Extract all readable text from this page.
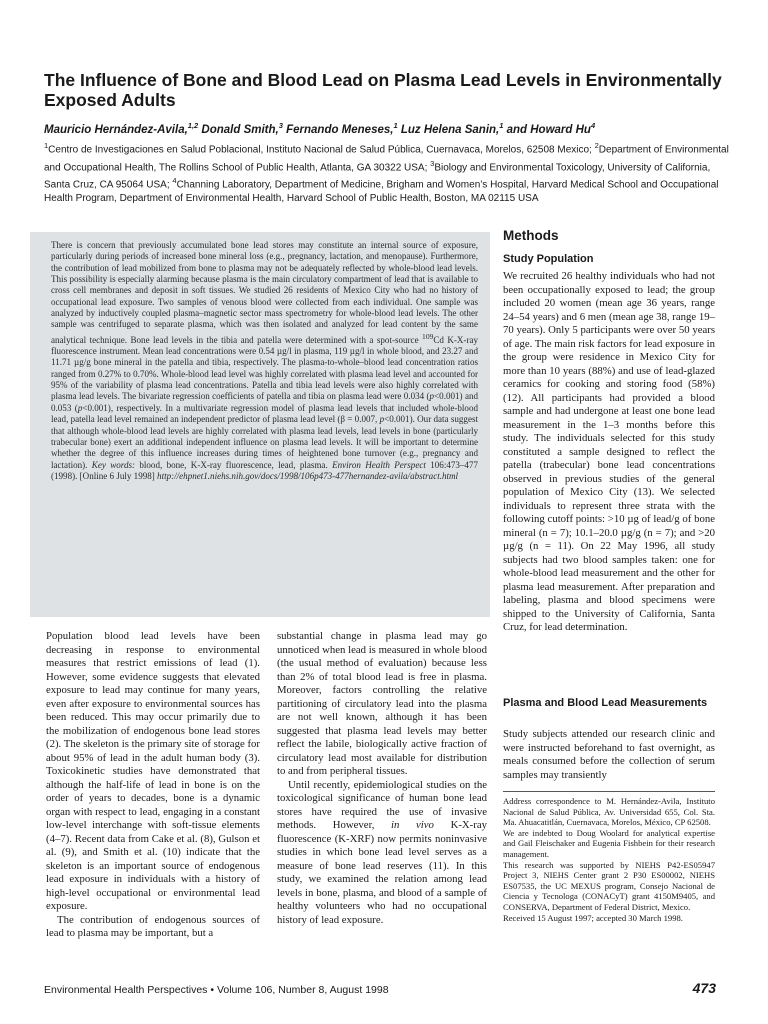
The Influence of Bone and Blood Lead on Plasma Lead Levels in Environmentally Exposed Adults
Mauricio Hernández-Avila,$^{1,2}$ Donald Smith,$^3$ Fernando Meneses,$^1$ Luz Helena Sanin,$^1$ and Howard Hu$^4$
$^1$Centro de Investigaciones en Salud Poblacional, Instituto Nacional de Salud Pública, Cuernavaca, Morelos, 62508 Mexico; $^2$Department of Environmental and Occupational Health, The Rollins School of Public Health, Atlanta, GA 30322 USA; $^3$Biology and Environmental Toxicology, University of California, Santa Cruz, CA 95064 USA; $^4$Channing Laboratory, Department of Medicine, Brigham and Women’s Hospital, Harvard Medical School and Occupational Health Program, Department of Environmental Health, Harvard School of Public Health, Boston, MA 02115 USA

There is concern that previously accumulated bone lead stores may constitute an internal source of exposure, particularly during periods of increased bone mineral loss (e.g., pregnancy, lactation, and menopause). Furthermore, the contribution of lead mobilized from bone to plasma may not be adequately reflected by whole-blood lead levels. This possibility is especially alarming because plasma is the main circulatory compartment of lead that is available to cross cell membranes and deposit in soft tissues. We studied 26 residents of Mexico City who had no history of occupational lead exposure. Two samples of venous blood were collected from each individual. One sample was analyzed by inductively coupled plasma–magnetic sector mass spectrometry for whole-blood lead levels. The other sample was centrifuged to separate plasma, which was then isolated and analyzed for lead content by the same analytical technique. Bone lead levels in the tibia and patella were determined with a spot-source $^{109}$Cd K-X-ray fluorescence instrument. Mean lead concentrations were 0.54 µg/l in plasma, 119 µg/l in whole blood, and 23.27 and 11.71 µg/g bone mineral in the patella and tibia, respectively. The plasma-to-whole–blood lead concentration ratios ranged from 0.27% to 0.70%. Whole-blood lead level was highly correlated with plasma lead level and accounted for 95% of the variability of plasma lead concentrations. Patella and tibia lead levels were also highly correlated with plasma lead levels. The bivariate regression coefficients of patella and tibia on plasma lead were 0.034 (p<0.001) and 0.053 (p<0.001), respectively. In a multivariate regression model of plasma lead levels that included whole-blood lead, patella lead level remained an independent predictor of plasma lead level (β = 0.007, p<0.001). Our data suggest that although whole-blood lead levels are highly correlated with plasma lead levels, lead levels in bone (particularly trabecular bone) exert an additional independent influence on plasma lead levels. It will be important to determine whether the degree of this influence increases during times of heightened bone turnover (e.g., pregnancy and lactation). Key words: blood, bone, K-X-ray fluorescence, lead, plasma. Environ Health Perspect 106:473–477 (1998). [Online 6 July 1998] http://ehpnet1.niehs.nih.gov/docs/1998/106p473-477hernandez-avila/abstract.html

Population blood lead levels have been decreasing in response to environmental measures that restrict emissions of lead (1). However, some evidence suggests that elevated exposure to lead may continue for many years, even after exposure to environmental sources has been reduced. This may occur primarily due to the mobilization of endogenous bone lead stores (2). The skeleton is the primary site of storage for about 95% of lead in the adult human body (3). Toxicokinetic studies have demonstrated that although the half-life of lead in bone is on the order of years to decades, bone is a dynamic organ with respect to lead, engaging in a constant low-level interchange with soft-tissue elements (4–7). Recent data from Cake et al. (8), Gulson et al. (9), and Smith et al. (10) indicate that the skeleton is an important source of endogenous lead exposure in individuals with a history of high-level occupational or environmental lead exposure.

The contribution of endogenous sources of lead to plasma may be important, but a

substantial change in plasma lead may go unnoticed when lead is measured in whole blood (the usual method of evaluation) because less than 2% of total blood lead is free in plasma. Moreover, factors controlling the relative partitioning of circulatory lead into the plasma are not well known, although it has been suggested that plasma lead levels may better reflect the labile, biologically active fraction of circulatory lead most available for distribution to and from peripheral tissues.

Until recently, epidemiological studies on the toxicological significance of human bone lead stores have required the use of invasive methods. However, in vivo K-X-ray fluorescence (K-XRF) now permits noninvasive studies in which bone lead level serves as a measure of bone lead reserves (11). In this study, we examined the relation among lead levels in bone, plasma, and blood of a sample of healthy volunteers who had no occupational history of lead exposure.

Methods
Study Population

We recruited 26 healthy individuals who had not been occupationally exposed to lead; the group included 20 women (mean age 36 years, range 24–54 years) and 6 men (mean age 38, range 19–70 years). Only 5 participants were over 50 years of age. The main risk factors for lead exposure in the group were residence in Mexico City for more than 10 years (88%) and use of lead-glazed ceramics for cooking and storing food (58%) (12). All participants had provided a blood sample and had undergone at least one bone lead measurement in the 1–3 months before this study. The individuals selected for this study constituted a sample designed to reflect the patella (trabecular) bone lead concentrations observed in previous studies of the general population of Mexico City (13). We selected individuals to represent three strata with the following cutoff points: >10 µg of lead/g of bone mineral (n = 7); 10.1–20.0 µg/g (n = 7); and >20 µg/g (n = 11). On 22 May 1996, all study subjects had two blood samples taken: one for whole-blood lead measurement and the other for plasma lead measurement. After preparation and labeling, plasma and blood specimens were shipped to the University of California, Santa Cruz, for lead determination.

Plasma and Blood Lead Measurements

Study subjects attended our research clinic and were instructed beforehand to fast overnight, as meals consumed before the collection of serum samples may transiently

Address correspondence to M. Hernández-Avila, Instituto Nacional de Salud Pública, Av. Universidad 655, Col. Sta. Ma. Ahuacatitlán, Cuernavaca, Morelos, México, CP 62508.

We are indebted to Doug Woolard for analytical expertise and Gail Fleischaker and Eugenia Fishbein for their research management.

This research was supported by NIEHS P42-ES05947 Project 3, NIEHS Center grant 2 P30 ES00002, NIEHS ES07535, the UC MEXUS program, Consejo Nacional de Ciencia y Tecnologa (CONACyT) grant 4150M9405, and CONSERVA, Department of Federal District, Mexico.

Received 15 August 1997; accepted 30 March 1998.

Environmental Health Perspectives • Volume 106, Number 8, August 1998	473
